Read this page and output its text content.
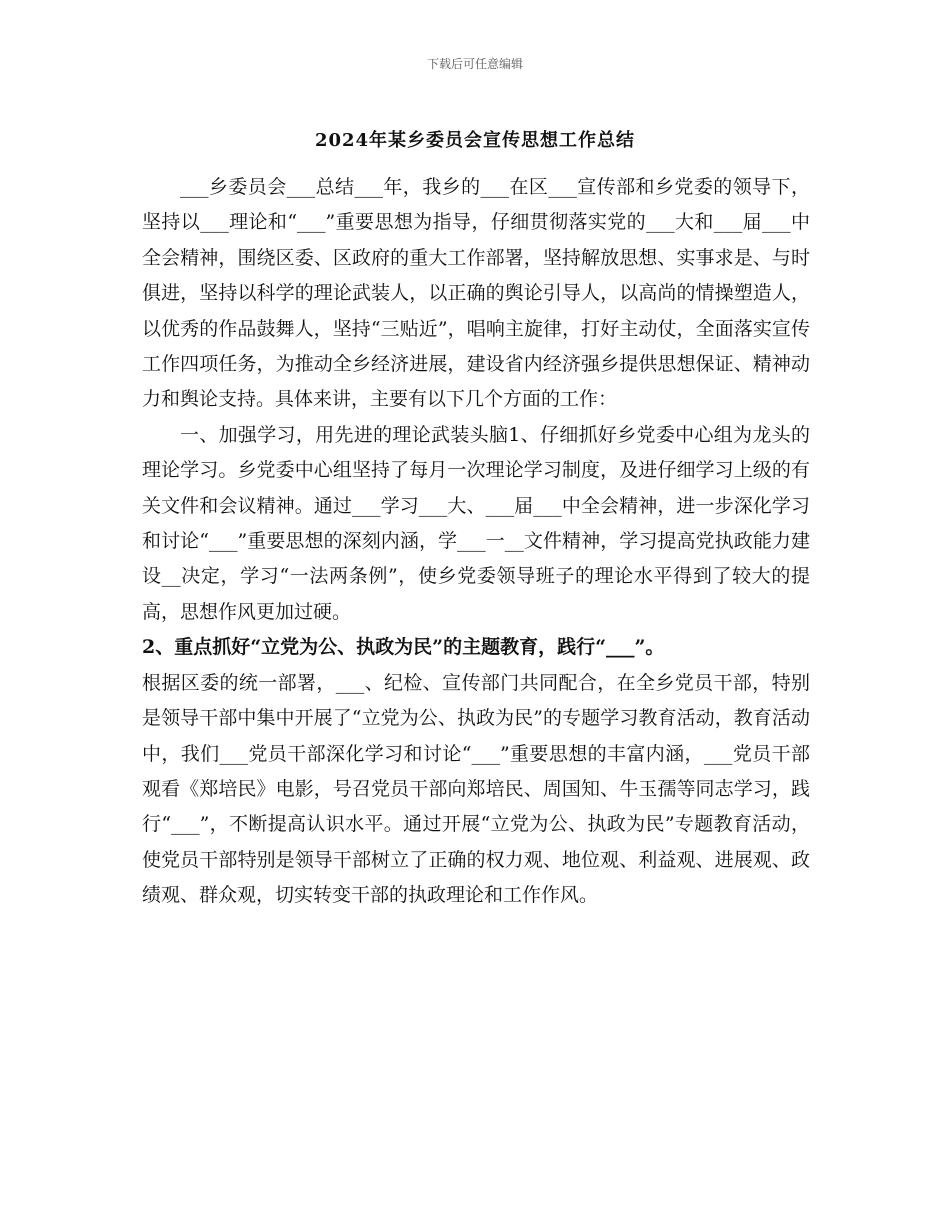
下载后可任意编辑
2024年某乡委员会宣传思想工作总结

___乡委员会___总结___年，我乡的___在区___宣传部和乡党委的领导下，坚持以___理论和“___”重要思想为指导，仔细贯彻落实党的___大和___届___中全会精神，围绕区委、区政府的重大工作部署，坚持解放思想、实事求是、与时俱进，坚持以科学的理论武装人，以正确的舆论引导人，以高尚的情操塑造人，以优秀的作品鼓舞人，坚持“三贴近”，唱响主旋律，打好主动仗，全面落实宣传工作四项任务，为推动全乡经济进展，建设省内经济强乡提供思想保证、精神动力和舆论支持。具体来讲，主要有以下几个方面的工作：

一、加强学习，用先进的理论武装头脑1、仔细抓好乡党委中心组为龙头的理论学习。乡党委中心组坚持了每月一次理论学习制度，及进仔细学习上级的有关文件和会议精神。通过___学习___大、___届___中全会精神，进一步深化学习和讨论“___”重要思想的深刻内涵，学___一__文件精神，学习提高党执政能力建设__决定，学习“一法两条例”，使乡党委领导班子的理论水平得到了较大的提高，思想作风更加过硬。

2、重点抓好“立党为公、执政为民”的主题教育，践行“___”。

根据区委的统一部署，___、纪检、宣传部门共同配合，在全乡党员干部，特别是领导干部中集中开展了“立党为公、执政为民”的专题学习教育活动，教育活动中，我们___党员干部深化学习和讨论“___”重要思想的丰富内涵，___党员干部观看《郑培民》电影，号召党员干部向郑培民、周国知、牛玉孺等同志学习，践行“___”，不断提高认识水平。通过开展“立党为公、执政为民”专题教育活动，使党员干部特别是领导干部树立了正确的权力观、地位观、利益观、进展观、政绩观、群众观，切实转变干部的执政理论和工作作风。
